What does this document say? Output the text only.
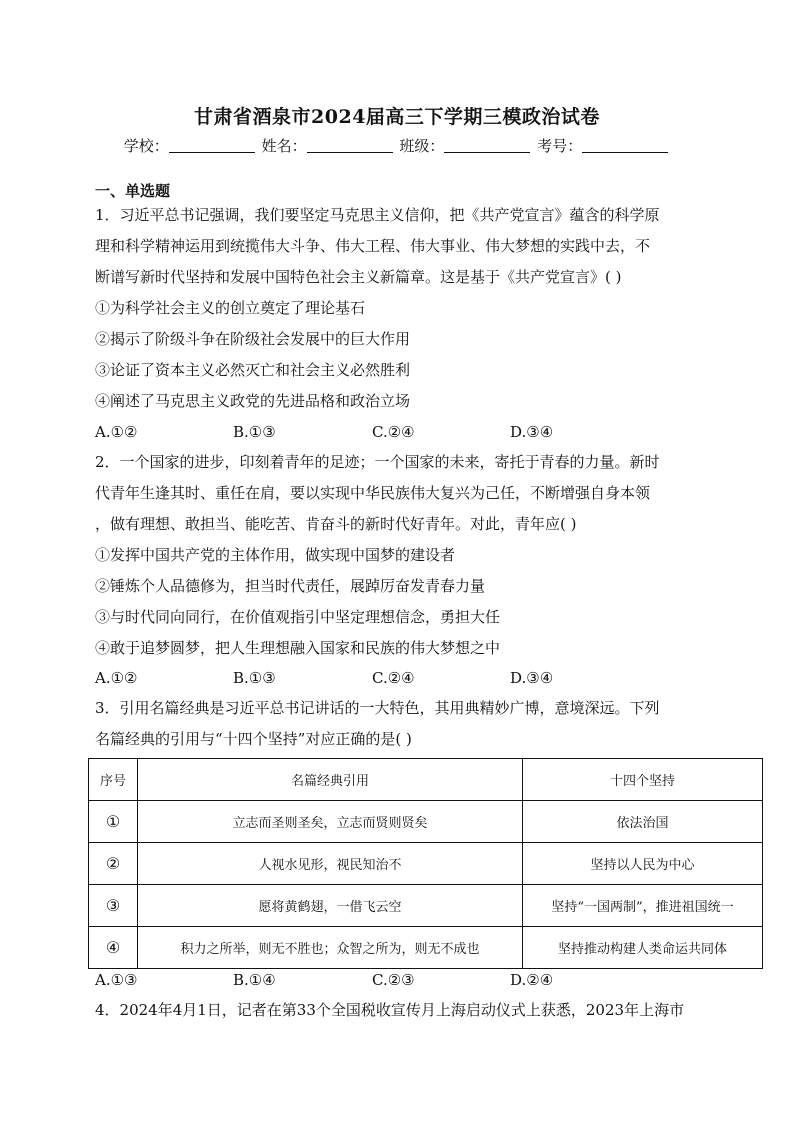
甘肃省酒泉市2024届高三下学期三模政治试卷
学校：	姓名：	班级：	考号：
一、单选题
1．习近平总书记强调，我们要坚定马克思主义信仰，把《共产党宣言》蕴含的科学原
理和科学精神运用到统揽伟大斗争、伟大工程、伟大事业、伟大梦想的实践中去，不
断谱写新时代坚持和发展中国特色社会主义新篇章。这是基于《共产党宣言》( )
①为科学社会主义的创立奠定了理论基石
②揭示了阶级斗争在阶级社会发展中的巨大作用
③论证了资本主义必然灭亡和社会主义必然胜利
④阐述了马克思主义政党的先进品格和政治立场
A.①②	B.①③	C.②④	D.③④
2．一个国家的进步，印刻着青年的足迹；一个国家的未来，寄托于青春的力量。新时
代青年生逢其时、重任在肩，要以实现中华民族伟大复兴为己任，不断增强自身本领
，做有理想、敢担当、能吃苦、肯奋斗的新时代好青年。对此，青年应( )
①发挥中国共产党的主体作用，做实现中国梦的建设者
②锤炼个人品德修为，担当时代责任，展踔厉奋发青春力量
③与时代同向同行，在价值观指引中坚定理想信念，勇担大任
④敢于追梦圆梦，把人生理想融入国家和民族的伟大梦想之中
A.①②	B.①③	C.②④	D.③④
3．引用名篇经典是习近平总书记讲话的一大特色，其用典精妙广博，意境深远。下列
名篇经典的引用与“十四个坚持”对应正确的是( )
序号	名篇经典引用	十四个坚持
①	立志而圣则圣矣，立志而贤则贤矣	依法治国
②	人视水见形，视民知治不	坚持以人民为中心
③	愿将黄鹤翅，一借飞云空	坚持“一国两制”，推进祖国统一
④	积力之所举，则无不胜也；众智之所为，则无不成也	坚持推动构建人类命运共同体
A.①③	B.①④	C.②③	D.②④
4．2024年4月1日，记者在第33个全国税收宣传月上海启动仪式上获悉，2023年上海市
